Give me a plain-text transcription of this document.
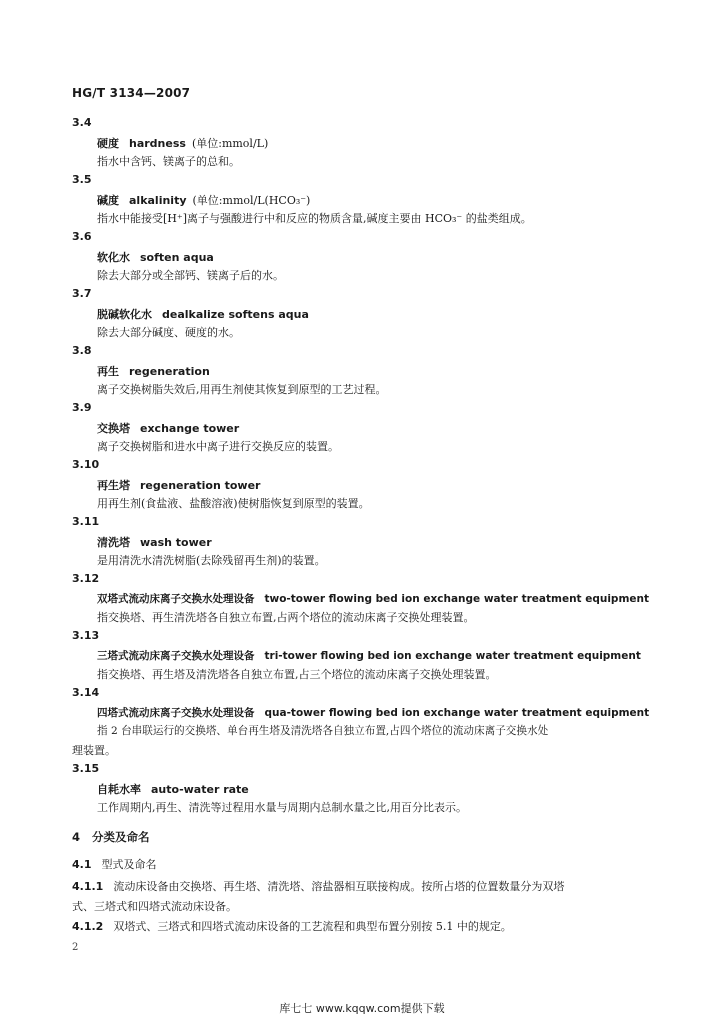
HG/T 3134—2007
3.4
硬度 hardness (单位:mmol/L)
指水中含钙、镁离子的总和。
3.5
碱度 alkalinity (单位:mmol/L(HCO₃⁻)
指水中能接受[H⁺]离子与强酸进行中和反应的物质含量,碱度主要由 HCO₃⁻ 的盐类组成。
3.6
软化水 soften aqua
除去大部分或全部钙、镁离子后的水。
3.7
脱碱软化水 dealkalize softens aqua
除去大部分碱度、硬度的水。
3.8
再生 regeneration
离子交换树脂失效后,用再生剂使其恢复到原型的工艺过程。
3.9
交换塔 exchange tower
离子交换树脂和进水中离子进行交换反应的装置。
3.10
再生塔 regeneration tower
用再生剂(食盐液、盐酸溶液)使树脂恢复到原型的装置。
3.11
清洗塔 wash tower
是用清洗水清洗树脂(去除残留再生剂)的装置。
3.12
双塔式流动床离子交换水处理设备 two-tower flowing bed ion exchange water treatment equipment
指交换塔、再生清洗塔各自独立布置,占两个塔位的流动床离子交换处理装置。
3.13
三塔式流动床离子交换水处理设备 tri-tower flowing bed ion exchange water treatment equipment
指交换塔、再生塔及清洗塔各自独立布置,占三个塔位的流动床离子交换处理装置。
3.14
四塔式流动床离子交换水处理设备 qua-tower flowing bed ion exchange water treatment equipment
指 2 台串联运行的交换塔、单台再生塔及清洗塔各自独立布置,占四个塔位的流动床离子交换水处
理装置。
3.15
自耗水率 auto-water rate
工作周期内,再生、清洗等过程用水量与周期内总制水量之比,用百分比表示。
4 分类及命名
4.1 型式及命名
4.1.1 流动床设备由交换塔、再生塔、清洗塔、溶盐器相互联接构成。按所占塔的位置数量分为双塔
式、三塔式和四塔式流动床设备。
4.1.2 双塔式、三塔式和四塔式流动床设备的工艺流程和典型布置分别按 5.1 中的规定。
2
库七七 www.kqqw.com提供下载
